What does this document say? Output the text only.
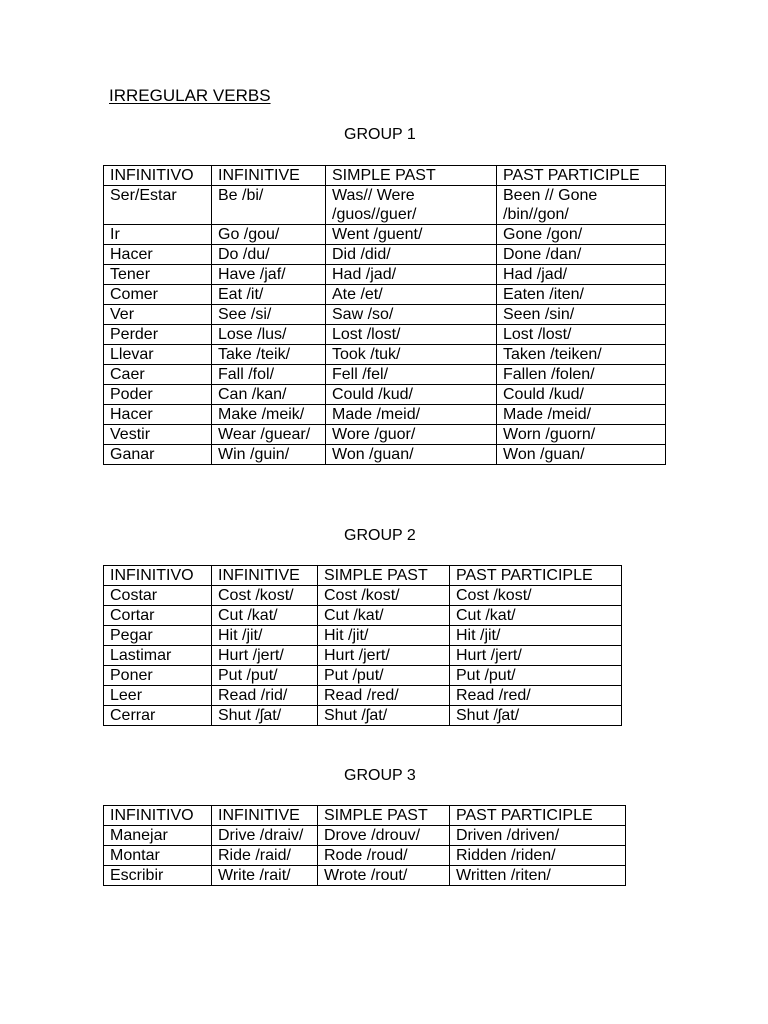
IRREGULAR VERBS
GROUP 1
INFINITIVO	INFINITIVE	SIMPLE PAST	PAST PARTICIPLE
Ser/Estar	Be /bi/	Was// Were /guos//guer/	Been // Gone /bin//gon/
Ir	Go /gou/	Went /guent/	Gone /gon/
Hacer	Do /du/	Did /did/	Done /dan/
Tener	Have /jaf/	Had /jad/	Had /jad/
Comer	Eat /it/	Ate /et/	Eaten /iten/
Ver	See /si/	Saw /so/	Seen /sin/
Perder	Lose /lus/	Lost /lost/	Lost /lost/
Llevar	Take /teik/	Took /tuk/	Taken /teiken/
Caer	Fall /fol/	Fell /fel/	Fallen /folen/
Poder	Can /kan/	Could /kud/	Could /kud/
Hacer	Make /meik/	Made /meid/	Made /meid/
Vestir	Wear /guear/	Wore /guor/	Worn /guorn/
Ganar	Win /guin/	Won /guan/	Won /guan/
GROUP 2
INFINITIVO	INFINITIVE	SIMPLE PAST	PAST PARTICIPLE
Costar	Cost /kost/	Cost /kost/	Cost /kost/
Cortar	Cut /kat/	Cut /kat/	Cut /kat/
Pegar	Hit /jit/	Hit /jit/	Hit /jit/
Lastimar	Hurt /jert/	Hurt /jert/	Hurt /jert/
Poner	Put /put/	Put /put/	Put /put/
Leer	Read /rid/	Read /red/	Read /red/
Cerrar	Shut /ʃat/	Shut /ʃat/	Shut /ʃat/
GROUP 3
INFINITIVO	INFINITIVE	SIMPLE PAST	PAST PARTICIPLE
Manejar	Drive /draiv/	Drove /drouv/	Driven /driven/
Montar	Ride /raid/	Rode /roud/	Ridden /riden/
Escribir	Write /rait/	Wrote /rout/	Written /riten/
